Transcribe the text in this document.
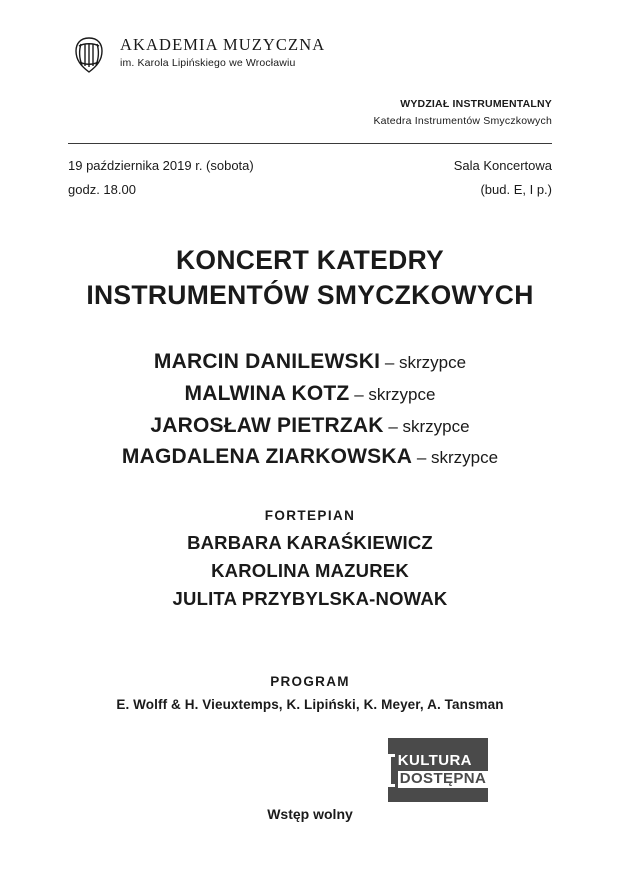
AKADEMIA MUZYCZNA
im. Karola Lipińskiego we Wrocławiu
WYDZIAŁ INSTRUMENTALNY
Katedra Instrumentów Smyczkowych
19 października 2019 r. (sobota)	Sala Koncertowa
godz. 18.00	(bud. E, I p.)
KONCERT KATEDRY
INSTRUMENTÓW SMYCZKOWYCH
MARCIN DANILEWSKI – skrzypce
MALWINA KOTZ – skrzypce
JAROSŁAW PIETRZAK – skrzypce
MAGDALENA ZIARKOWSKA – skrzypce
FORTEPIAN
BARBARA KARAŚKIEWICZ
KAROLINA MAZUREK
JULITA PRZYBYLSKA-NOWAK
PROGRAM
E. Wolff & H. Vieuxtemps, K. Lipiński, K. Meyer, A. Tansman
KULTURA
DOSTĘPNA
Wstęp wolny
